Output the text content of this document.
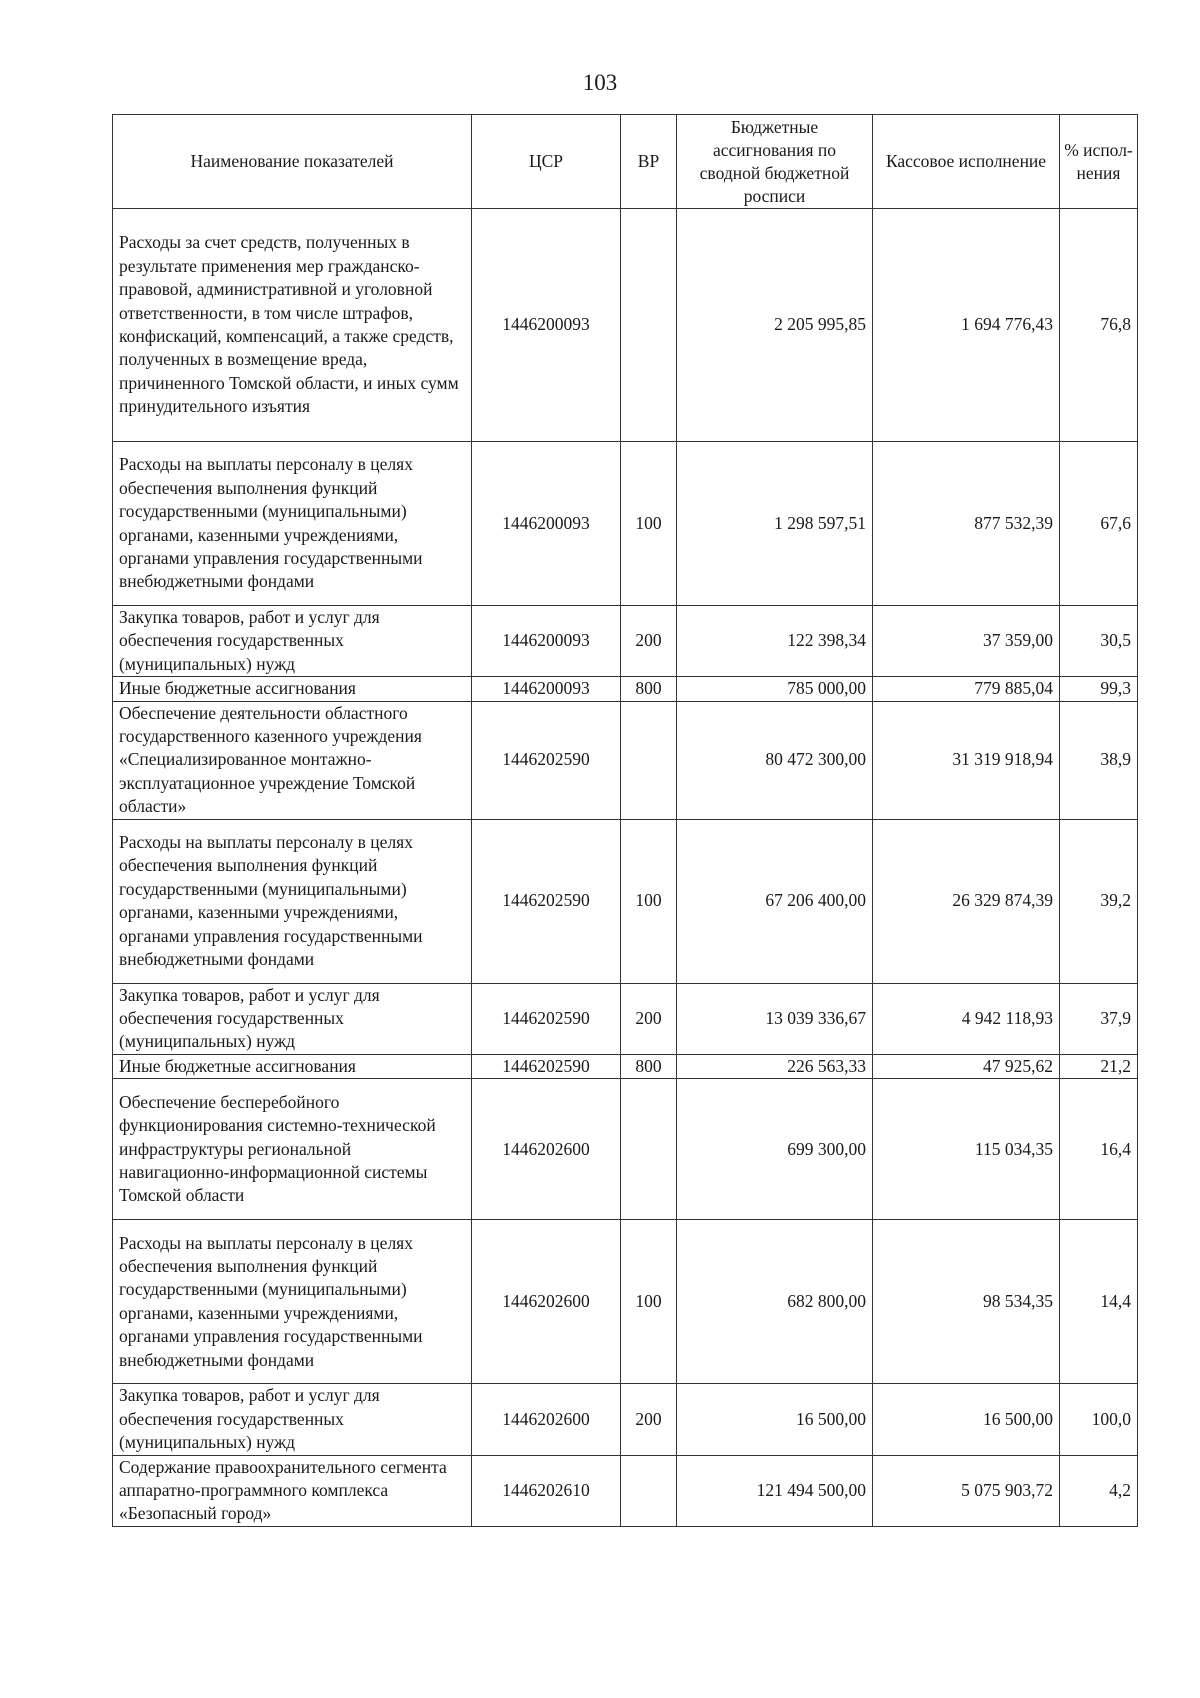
103
Наименование показателей	ЦСР	ВР	Бюджетные ассигнования по сводной бюджетной росписи	Кассовое исполнение	% испол-нения
Расходы за счет средств, полученных в результате применения мер гражданско-правовой, административной и уголовной ответственности, в том числе штрафов, конфискаций, компенсаций, а также средств, полученных в возмещение вреда, причиненного Томской области, и иных сумм принудительного изъятия	1446200093		2 205 995,85	1 694 776,43	76,8
Расходы на выплаты персоналу в целях обеспечения выполнения функций государственными (муниципальными) органами, казенными учреждениями, органами управления государственными внебюджетными фондами	1446200093	100	1 298 597,51	877 532,39	67,6
Закупка товаров, работ и услуг для обеспечения государственных (муниципальных) нужд	1446200093	200	122 398,34	37 359,00	30,5
Иные бюджетные ассигнования	1446200093	800	785 000,00	779 885,04	99,3
Обеспечение деятельности областного государственного казенного учреждения «Специализированное монтажно-эксплуатационное учреждение Томской области»	1446202590		80 472 300,00	31 319 918,94	38,9
Расходы на выплаты персоналу в целях обеспечения выполнения функций государственными (муниципальными) органами, казенными учреждениями, органами управления государственными внебюджетными фондами	1446202590	100	67 206 400,00	26 329 874,39	39,2
Закупка товаров, работ и услуг для обеспечения государственных (муниципальных) нужд	1446202590	200	13 039 336,67	4 942 118,93	37,9
Иные бюджетные ассигнования	1446202590	800	226 563,33	47 925,62	21,2
Обеспечение бесперебойного функционирования системно-технической инфраструктуры региональной навигационно-информационной системы Томской области	1446202600		699 300,00	115 034,35	16,4
Расходы на выплаты персоналу в целях обеспечения выполнения функций государственными (муниципальными) органами, казенными учреждениями, органами управления государственными внебюджетными фондами	1446202600	100	682 800,00	98 534,35	14,4
Закупка товаров, работ и услуг для обеспечения государственных (муниципальных) нужд	1446202600	200	16 500,00	16 500,00	100,0
Содержание правоохранительного сегмента аппаратно-программного комплекса «Безопасный город»	1446202610		121 494 500,00	5 075 903,72	4,2
